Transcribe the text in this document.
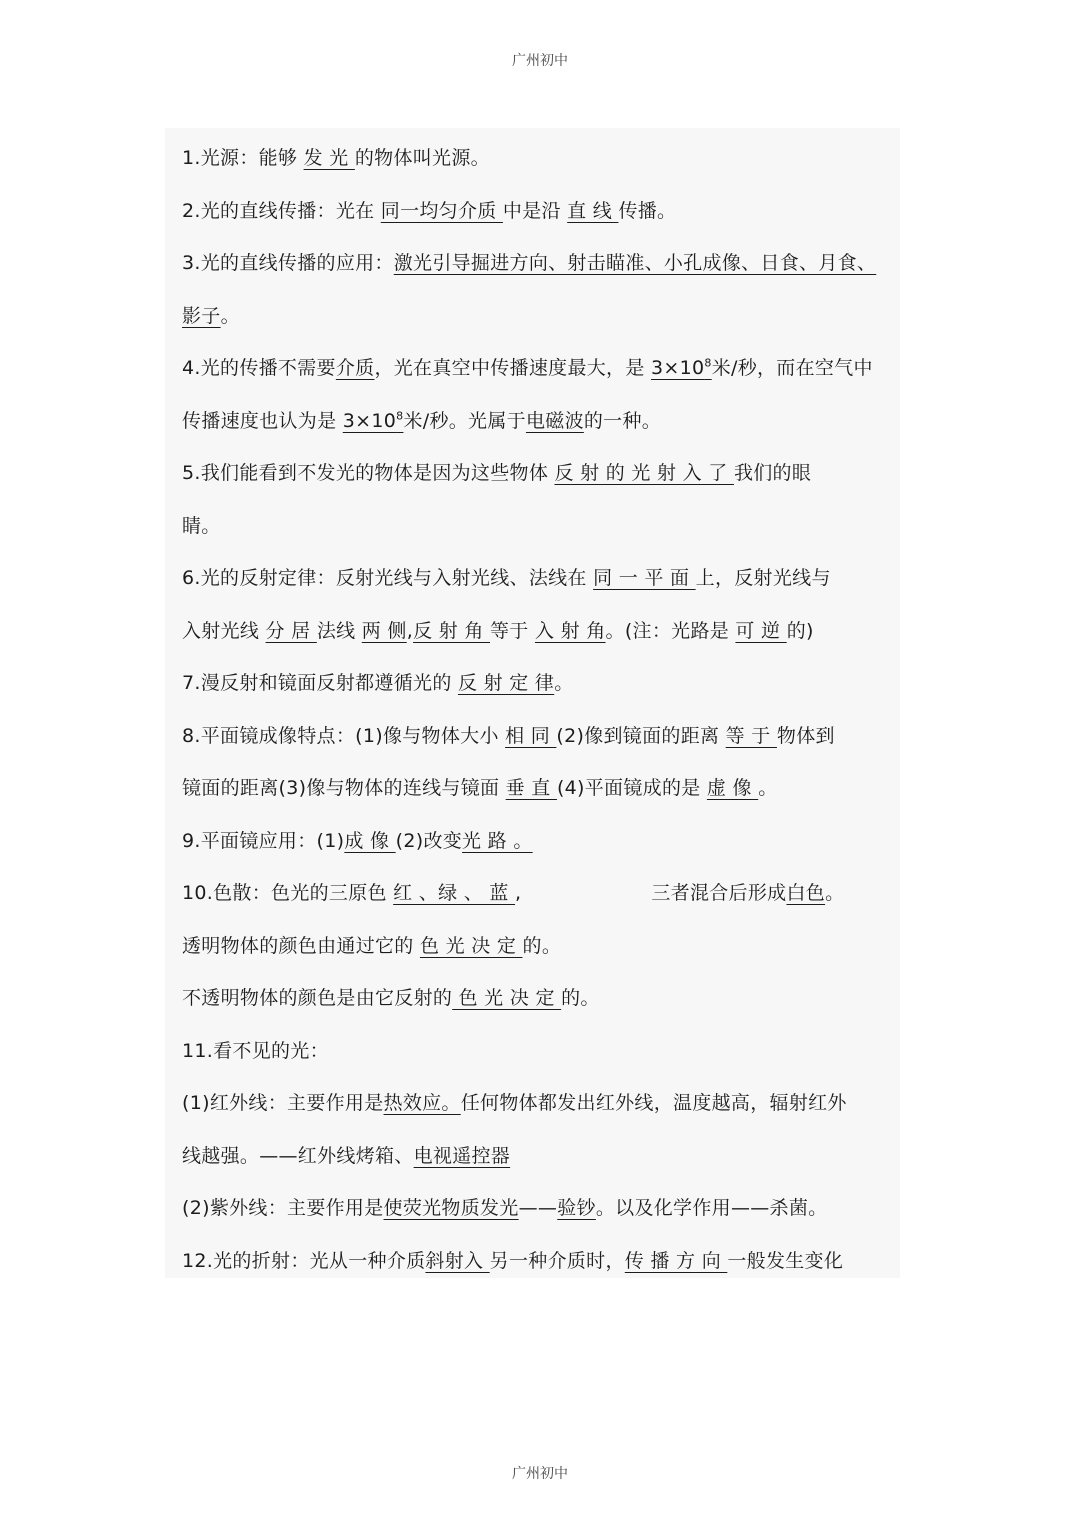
广州初中
1.光源：能够 发 光 的物体叫光源。
2.光的直线传播：光在 同一均匀介质 中是沿 直 线 传播。
3.光的直线传播的应用：激光引导掘进方向、射击瞄准、小孔成像、日食、月食、
影子。
4.光的传播不需要介质，光在真空中传播速度最大，是 $3\times 10^8$米/秒，而在空气中
传播速度也认为是 $3\times 10^8$米/秒。光属于电磁波的一种。
5.我们能看到不发光的物体是因为这些物体 反 射 的 光 射 入 了 我们的眼
睛。
6.光的反射定律：反射光线与入射光线、法线在 同 一 平 面 上，反射光线与
入射光线 分 居 法线 两 侧,反 射 角 等于 入 射 角。(注：光路是 可 逆 的)
7.漫反射和镜面反射都遵循光的 反 射 定 律。
8.平面镜成像特点：(1)像与物体大小 相 同 (2)像到镜面的距离 等 于 物体到
镜面的距离(3)像与物体的连线与镜面 垂 直 (4)平面镜成的是 虚 像 。
9.平面镜应用：(1)成 像 (2)改变光 路 。
10.色散：色光的三原色 红 、绿 、 蓝 ,	三者混合后形成白色。
透明物体的颜色由通过它的 色 光 决 定 的。
不透明物体的颜色是由它反射的 色 光 决 定 的。
11.看不见的光：
(1)红外线：主要作用是热效应。任何物体都发出红外线，温度越高，辐射红外
线越强。——红外线烤箱、电视遥控器
(2)紫外线：主要作用是使荧光物质发光——验钞。以及化学作用——杀菌。
12.光的折射：光从一种介质斜射入 另一种介质时，传 播 方 向 一般发生变化
广州初中
